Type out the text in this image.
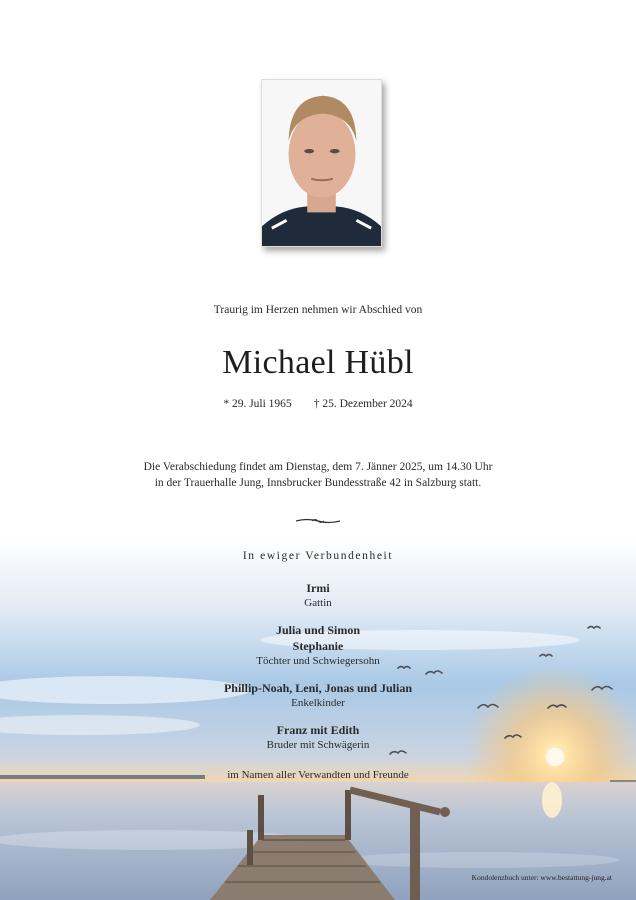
Traurig im Herzen nehmen wir Abschied von
Michael Hübl
* 29. Juli 1965 † 25. Dezember 2024
Die Verabschiedung findet am Dienstag, dem 7. Jänner 2025, um 14.30 Uhr
in der Trauerhalle Jung, Innsbrucker Bundesstraße 42 in Salzburg statt.
In ewiger Verbundenheit
Irmi
Gattin
Julia und Simon
Stephanie
Töchter und Schwiegersohn
Phillip-Noah, Leni, Jonas und Julian
Enkelkinder
Franz mit Edith
Bruder mit Schwägerin
im Namen aller Verwandten und Freunde
Kondolenzbuch unter: www.bestattung-jung.at
